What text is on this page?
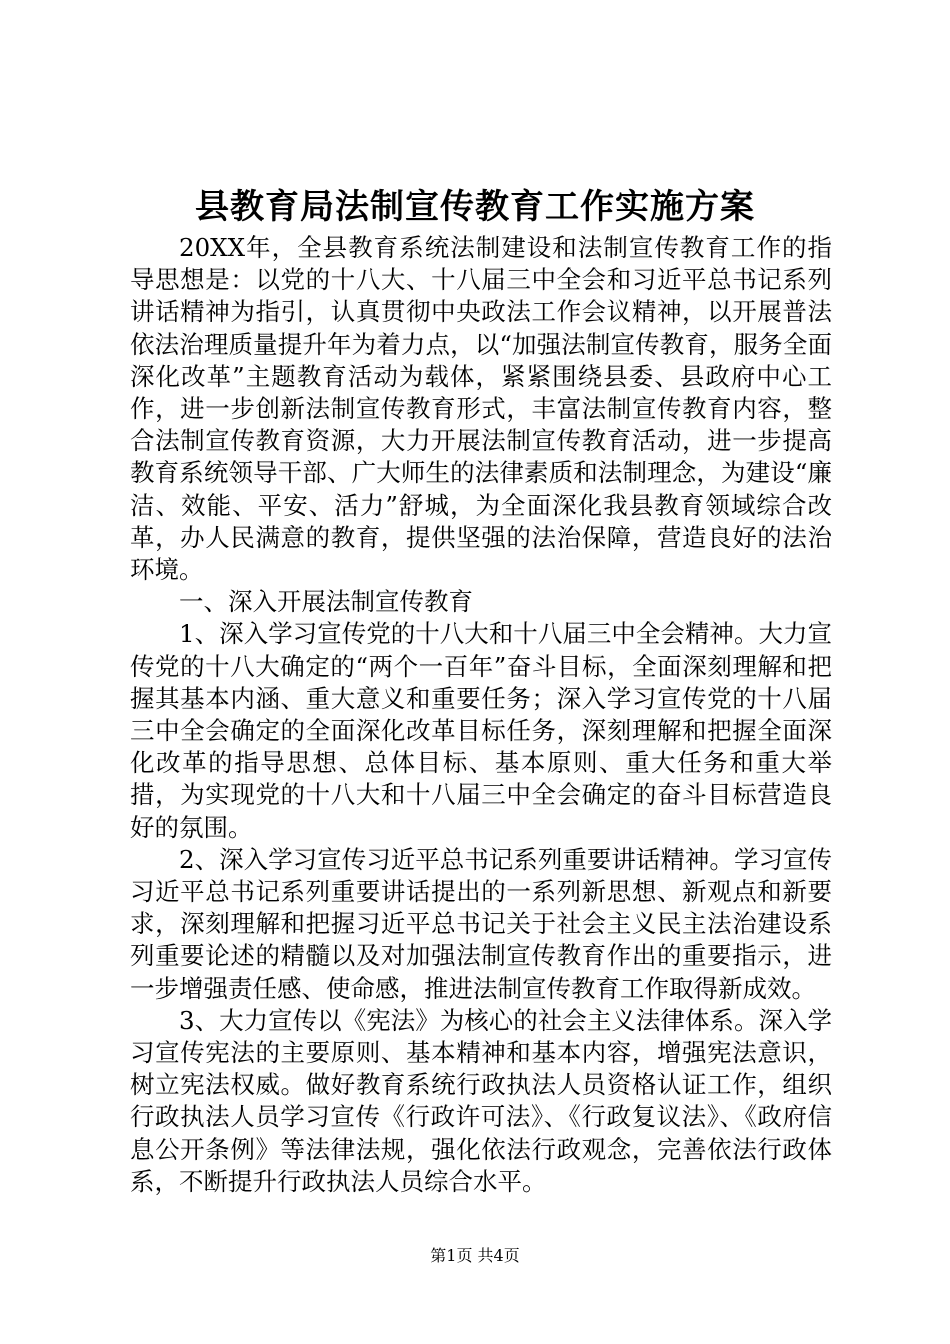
县教育局法制宣传教育工作实施方案

20XX年，全县教育系统法制建设和法制宣传教育工作的指导思想是：以党的十八大、十八届三中全会和习近平总书记系列讲话精神为指引，认真贯彻中央政法工作会议精神，以开展普法依法治理质量提升年为着力点，以“加强法制宣传教育，服务全面深化改革”主题教育活动为载体，紧紧围绕县委、县政府中心工作，进一步创新法制宣传教育形式，丰富法制宣传教育内容，整合法制宣传教育资源，大力开展法制宣传教育活动，进一步提高教育系统领导干部、广大师生的法律素质和法制理念，为建设“廉洁、效能、平安、活力”舒城，为全面深化我县教育领域综合改革，办人民满意的教育，提供坚强的法治保障，营造良好的法治环境。

一、深入开展法制宣传教育

1、深入学习宣传党的十八大和十八届三中全会精神。大力宣传党的十八大确定的“两个一百年”奋斗目标，全面深刻理解和把握其基本内涵、重大意义和重要任务；深入学习宣传党的十八届三中全会确定的全面深化改革目标任务，深刻理解和把握全面深化改革的指导思想、总体目标、基本原则、重大任务和重大举措，为实现党的十八大和十八届三中全会确定的奋斗目标营造良好的氛围。

2、深入学习宣传习近平总书记系列重要讲话精神。学习宣传习近平总书记系列重要讲话提出的一系列新思想、新观点和新要求，深刻理解和把握习近平总书记关于社会主义民主法治建设系列重要论述的精髓以及对加强法制宣传教育作出的重要指示，进一步增强责任感、使命感，推进法制宣传教育工作取得新成效。

3、大力宣传以《宪法》为核心的社会主义法律体系。深入学习宣传宪法的主要原则、基本精神和基本内容，增强宪法意识，树立宪法权威。做好教育系统行政执法人员资格认证工作，组织行政执法人员学习宣传《行政许可法》、《行政复议法》、《政府信息公开条例》等法律法规，强化依法行政观念，完善依法行政体系，不断提升行政执法人员综合水平。

第1页 共4页
